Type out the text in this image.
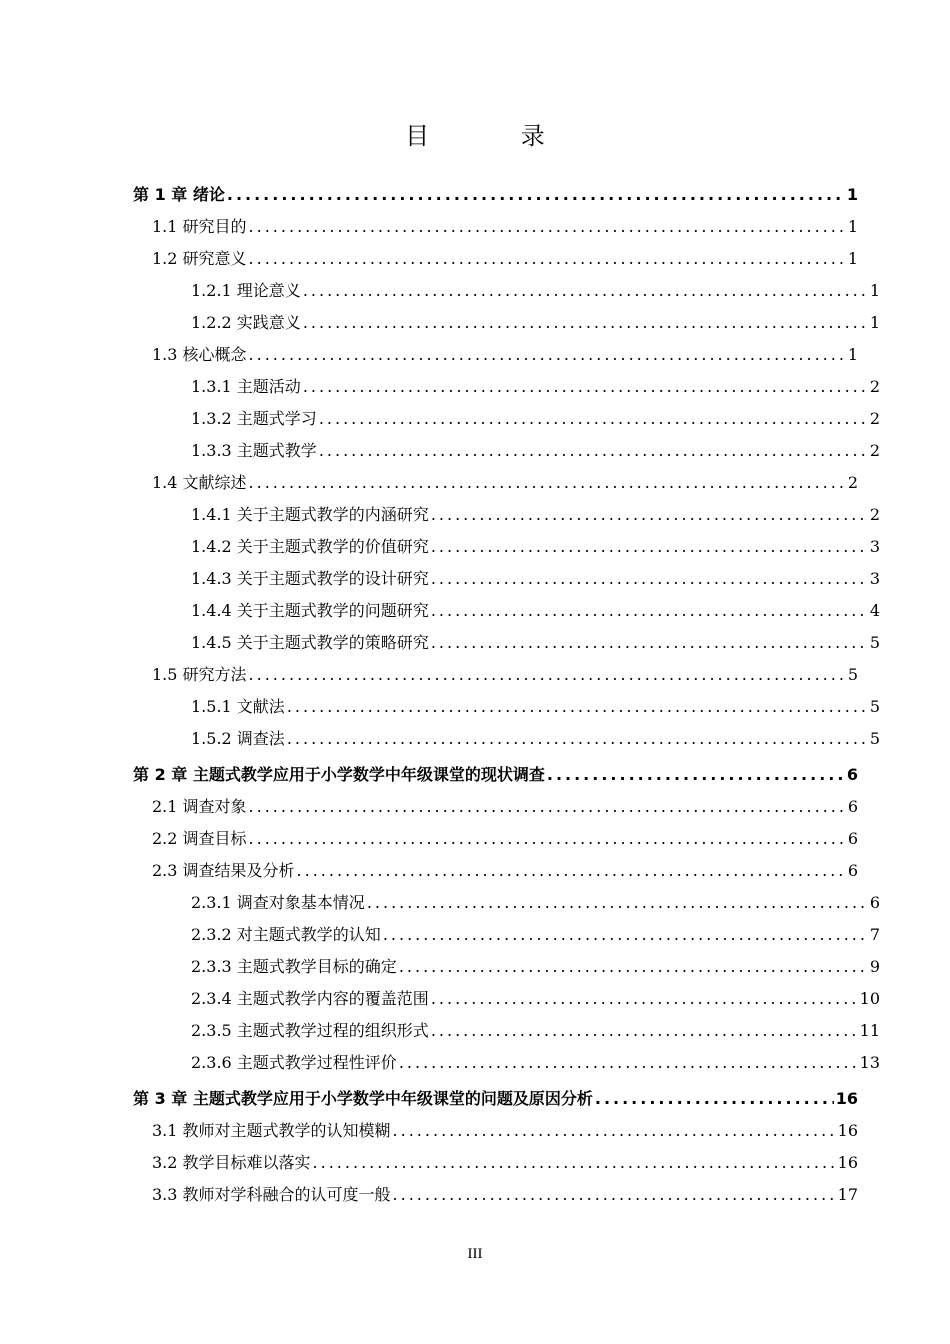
目 录
第 1 章 绪论 .....	1
1.1 研究目的 .....	1
1.2 研究意义 .....	1
1.2.1 理论意义 .....	1
1.2.2 实践意义 .....	1
1.3 核心概念 .....	1
1.3.1 主题活动 .....	2
1.3.2 主题式学习 .....	2
1.3.3 主题式教学 .....	2
1.4 文献综述 .....	2
1.4.1 关于主题式教学的内涵研究 .....	2
1.4.2 关于主题式教学的价值研究 .....	3
1.4.3 关于主题式教学的设计研究 .....	3
1.4.4 关于主题式教学的问题研究 .....	4
1.4.5 关于主题式教学的策略研究 .....	5
1.5 研究方法 .....	5
1.5.1 文献法 .....	5
1.5.2 调查法 .....	5
第 2 章 主题式教学应用于小学数学中年级课堂的现状调查 .....	6
2.1 调查对象 .....	6
2.2 调查目标 .....	6
2.3 调查结果及分析 .....	6
2.3.1 调查对象基本情况 .....	6
2.3.2 对主题式教学的认知 .....	7
2.3.3 主题式教学目标的确定 .....	9
2.3.4 主题式教学内容的覆盖范围 .....	10
2.3.5 主题式教学过程的组织形式 .....	11
2.3.6 主题式教学过程性评价 .....	13
第 3 章 主题式教学应用于小学数学中年级课堂的问题及原因分析 .....	16
3.1 教师对主题式教学的认知模糊 .....	16
3.2 教学目标难以落实 .....	16
3.3 教师对学科融合的认可度一般 .....	17
III
